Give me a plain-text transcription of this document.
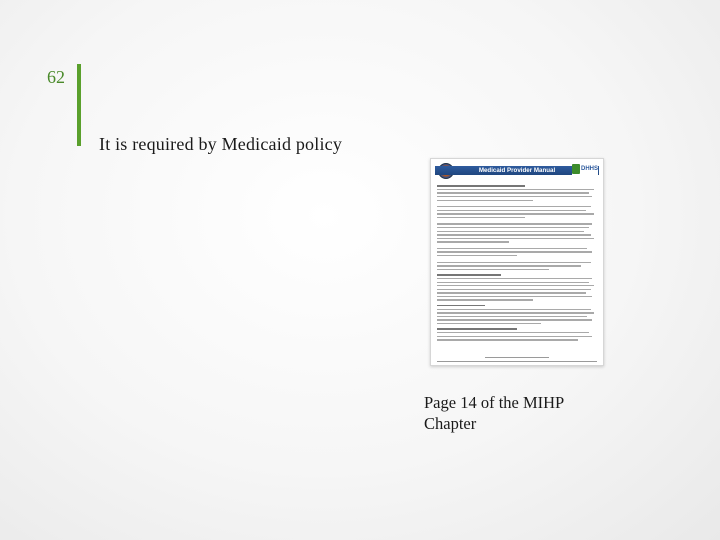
62
It is required by Medicaid policy
Medicaid Provider Manual	DHHS
Page 14 of the MIHP
Chapter
